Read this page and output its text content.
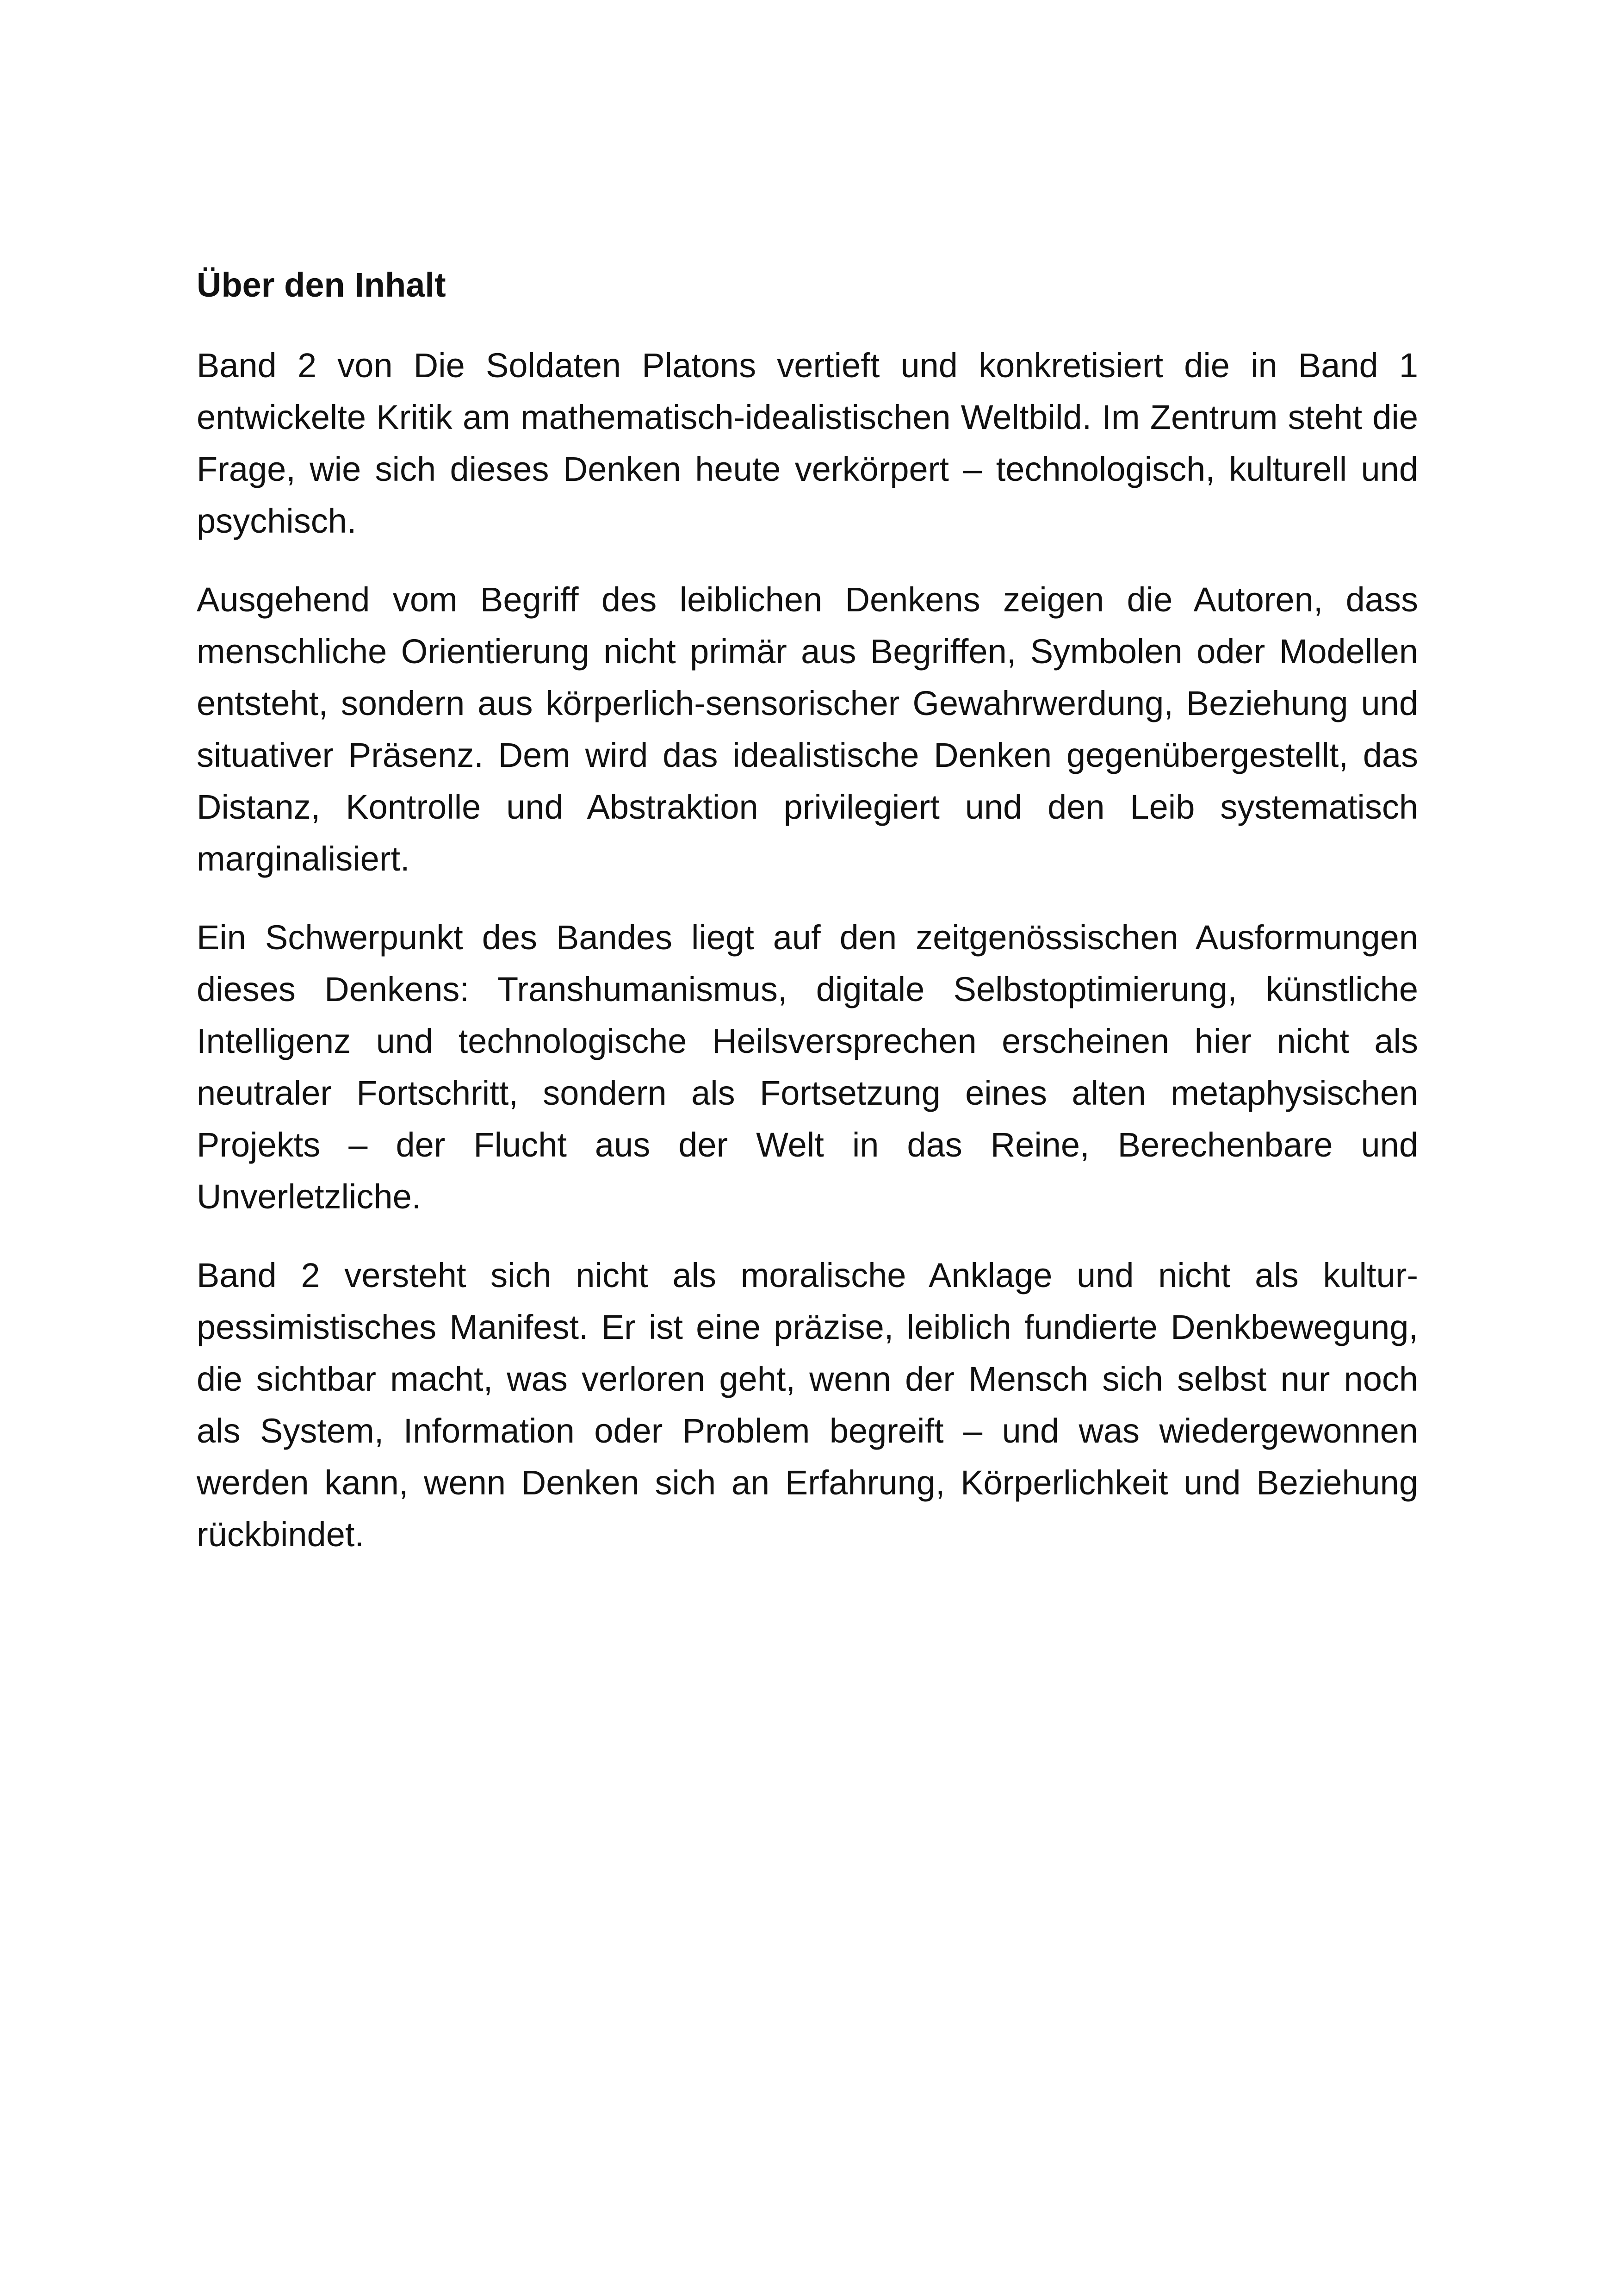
Über den Inhalt

Band 2 von Die Soldaten Platons vertieft und konkretisiert die in Band 1 entwickelte Kritik am mathematisch-idealistischen Weltbild. Im Zentrum steht die Frage, wie sich dieses Denken heute verkörpert – technologisch, kulturell und psychisch.

Ausgehend vom Begriff des leiblichen Denkens zeigen die Autoren, dass menschliche Orientierung nicht primär aus Begriffen, Symbolen oder Modellen entsteht, sondern aus körperlich-sensorischer Gewahrwerdung, Beziehung und situativer Präsenz. Dem wird das idealistische Denken gegenübergestellt, das Distanz, Kontrolle und Abstraktion privilegiert und den Leib systematisch marginalisiert.

Ein Schwerpunkt des Bandes liegt auf den zeitgenössischen Ausformungen dieses Denkens: Transhumanismus, digitale Selbstoptimierung, künstliche Intelligenz und technologische Heilsversprechen erscheinen hier nicht als neutraler Fortschritt, sondern als Fortsetzung eines alten metaphysischen Projekts – der Flucht aus der Welt in das Reine, Berechenbare und Unverletzliche.

Band 2 versteht sich nicht als moralische Anklage und nicht als kulturpessimistisches Manifest. Er ist eine präzise, leiblich fundierte Denkbewegung, die sichtbar macht, was verloren geht, wenn der Mensch sich selbst nur noch als System, Information oder Problem begreift – und was wiedergewonnen werden kann, wenn Denken sich an Erfahrung, Körperlichkeit und Beziehung rückbindet.
